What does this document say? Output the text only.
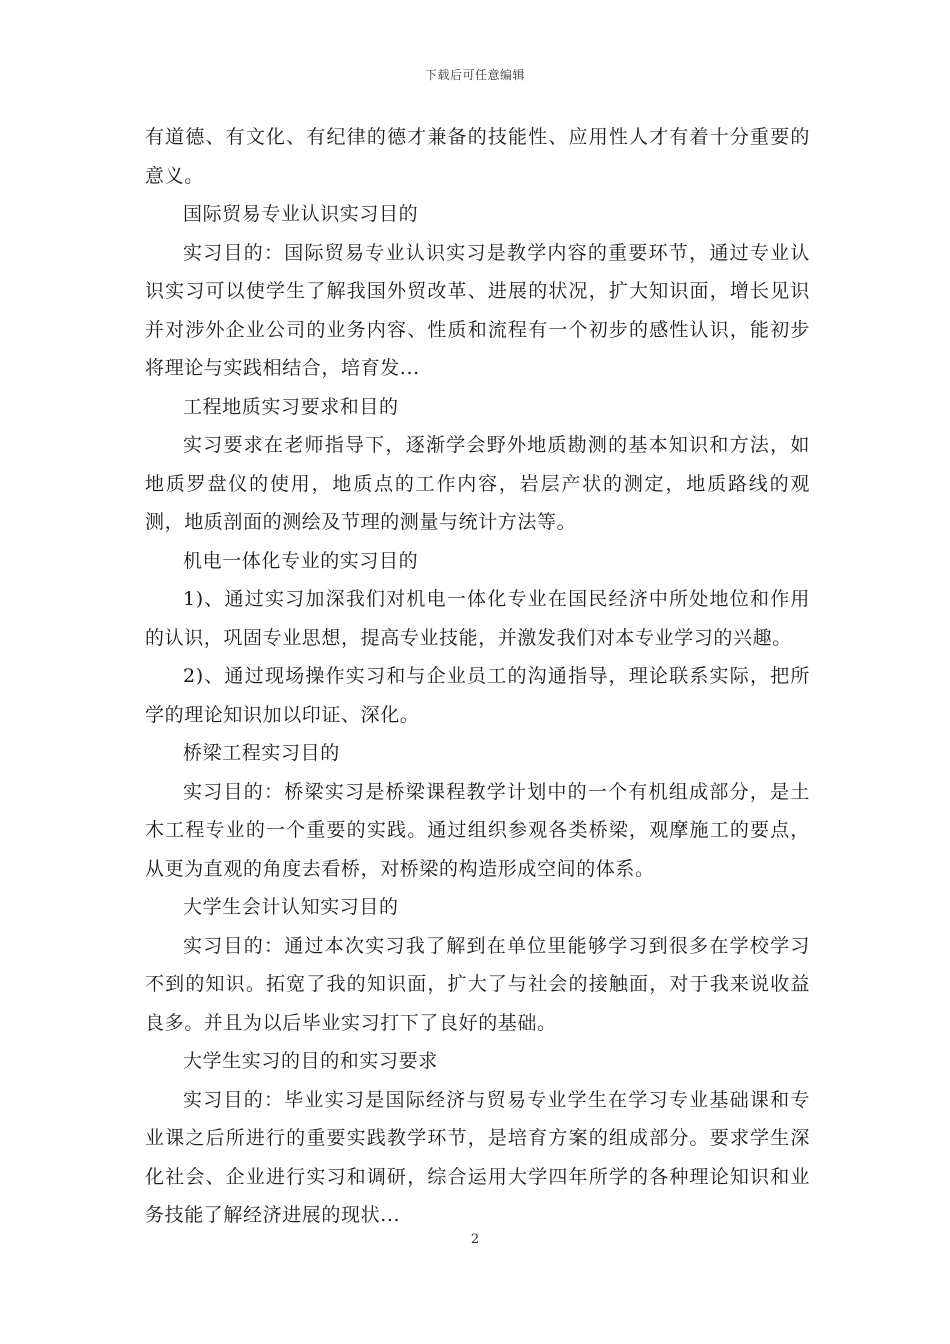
下载后可任意编辑

有道德、有文化、有纪律的德才兼备的技能性、应用性人才有着十分重要的意义。

国际贸易专业认识实习目的

实习目的：国际贸易专业认识实习是教学内容的重要环节，通过专业认识实习可以使学生了解我国外贸改革、进展的状况，扩大知识面，增长见识并对涉外企业公司的业务内容、性质和流程有一个初步的感性认识，能初步将理论与实践相结合，培育发...

工程地质实习要求和目的

实习要求在老师指导下，逐渐学会野外地质勘测的基本知识和方法，如地质罗盘仪的使用，地质点的工作内容，岩层产状的测定，地质路线的观测，地质剖面的测绘及节理的测量与统计方法等。

机电一体化专业的实习目的

1)、通过实习加深我们对机电一体化专业在国民经济中所处地位和作用的认识，巩固专业思想，提高专业技能，并激发我们对本专业学习的兴趣。

2)、通过现场操作实习和与企业员工的沟通指导，理论联系实际，把所学的理论知识加以印证、深化。

桥梁工程实习目的

实习目的：桥梁实习是桥梁课程教学计划中的一个有机组成部分，是土木工程专业的一个重要的实践。通过组织参观各类桥梁，观摩施工的要点，从更为直观的角度去看桥，对桥梁的构造形成空间的体系。

大学生会计认知实习目的

实习目的：通过本次实习我了解到在单位里能够学习到很多在学校学习不到的知识。拓宽了我的知识面，扩大了与社会的接触面，对于我来说收益良多。并且为以后毕业实习打下了良好的基础。

大学生实习的目的和实习要求

实习目的：毕业实习是国际经济与贸易专业学生在学习专业基础课和专业课之后所进行的重要实践教学环节，是培育方案的组成部分。要求学生深化社会、企业进行实习和调研，综合运用大学四年所学的各种理论知识和业务技能了解经济进展的现状...

2
